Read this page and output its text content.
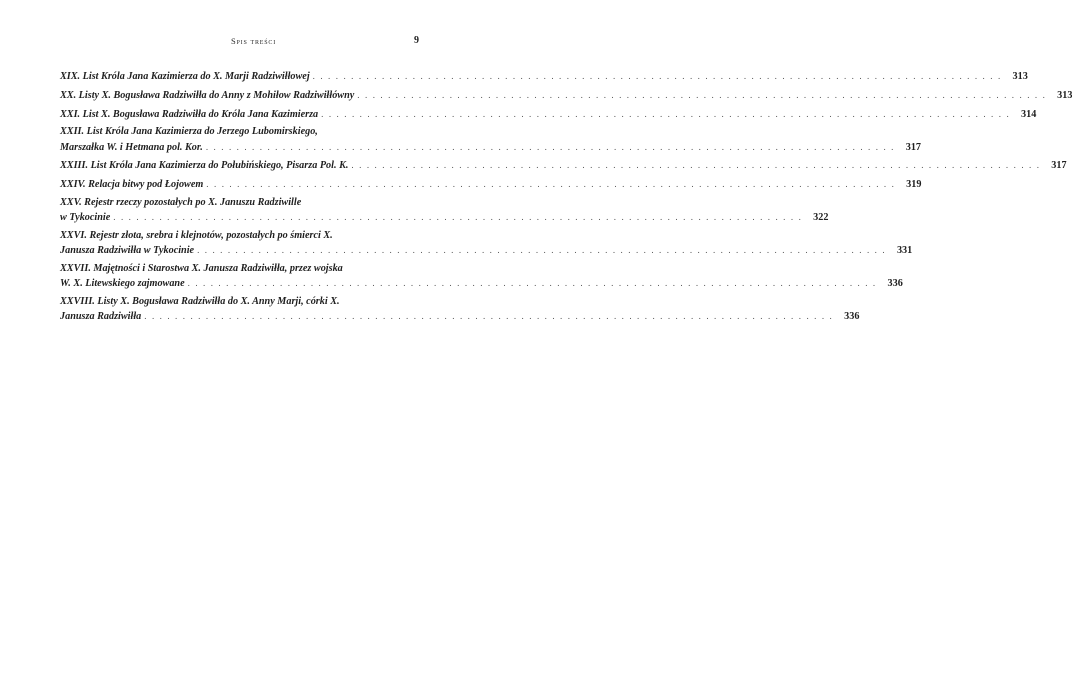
Spis treści	9
XIX. List Króla Jana Kazimierza do X. Marji Radziwiłłowej . . .	313
XX. Listy X. Bogusława Radziwiłła do Anny z Mohiłow Radziwiłłówny . . .	313
XXI. List X. Bogusława Radziwiłła do Króla Jana Kazimierza . . .	314
XXII. List Króla Jana Kazimierza do Jerzego Lubomirskiego,
Marszałka W. i Hetmana pol. Kor. . . .	317
XXIII. List Króla Jana Kazimierza do Połubińskiego, Pisarza Pol. K. . . .	317
XXIV. Relacja bitwy pod Łojowem . . .	319
XXV. Rejestr rzeczy pozostałych po X. Januszu Radziwille
w Tykocinie . . .	322
XXVI. Rejestr złota, srebra i klejnotów, pozostałych po śmierci X.
Janusza Radziwiłła w Tykocinie . . .	331
XXVII. Majętności i Starostwa X. Janusza Radziwiłła, przez wojska
W. X. Litewskiego zajmowane . . .	336
XXVIII. Listy X. Bogusława Radziwiłła do X. Anny Marji, córki X.
Janusza Radziwiłła . . .	336
